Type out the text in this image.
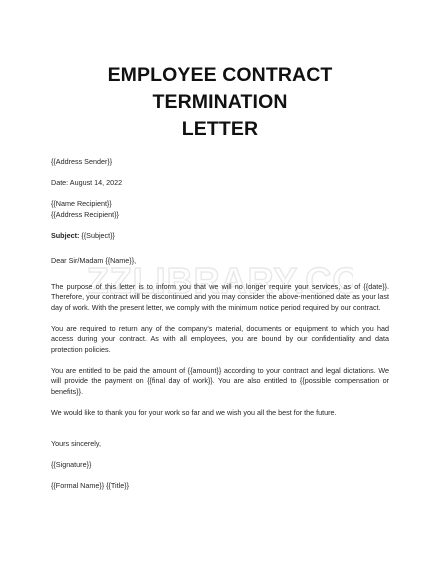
EMPLOYEE CONTRACT TERMINATION
LETTER

{{Address Sender}}

Date: August 14, 2022

{{Name Recipient}}
{{Address Recipient}}

Subject: {{Subject}}

Dear Sir/Madam {{Name}},

The purpose of this letter is to inform you that we will no longer require your services, as of {{date}}. Therefore, your contract will be discontinued and you may consider the above-mentioned date as your last day of work. With the present letter, we comply with the minimum notice period required by our contract.

You are required to return any of the company's material, documents or equipment to which you had access during your contract. As with all employees, you are bound by our confidentiality and data protection policies.

You are entitled to be paid the amount of {{amount}} according to your contract and legal dictations. We will provide the payment on {{final day of work}}. You are also entitled to {{possible compensation or benefits}}.

We would like to thank you for your work so far and we wish you all the best for the future.

Yours sincerely,

{{Signature}}

{{Formal Name}} {{Title}}

ZZLIBRARY.CO
